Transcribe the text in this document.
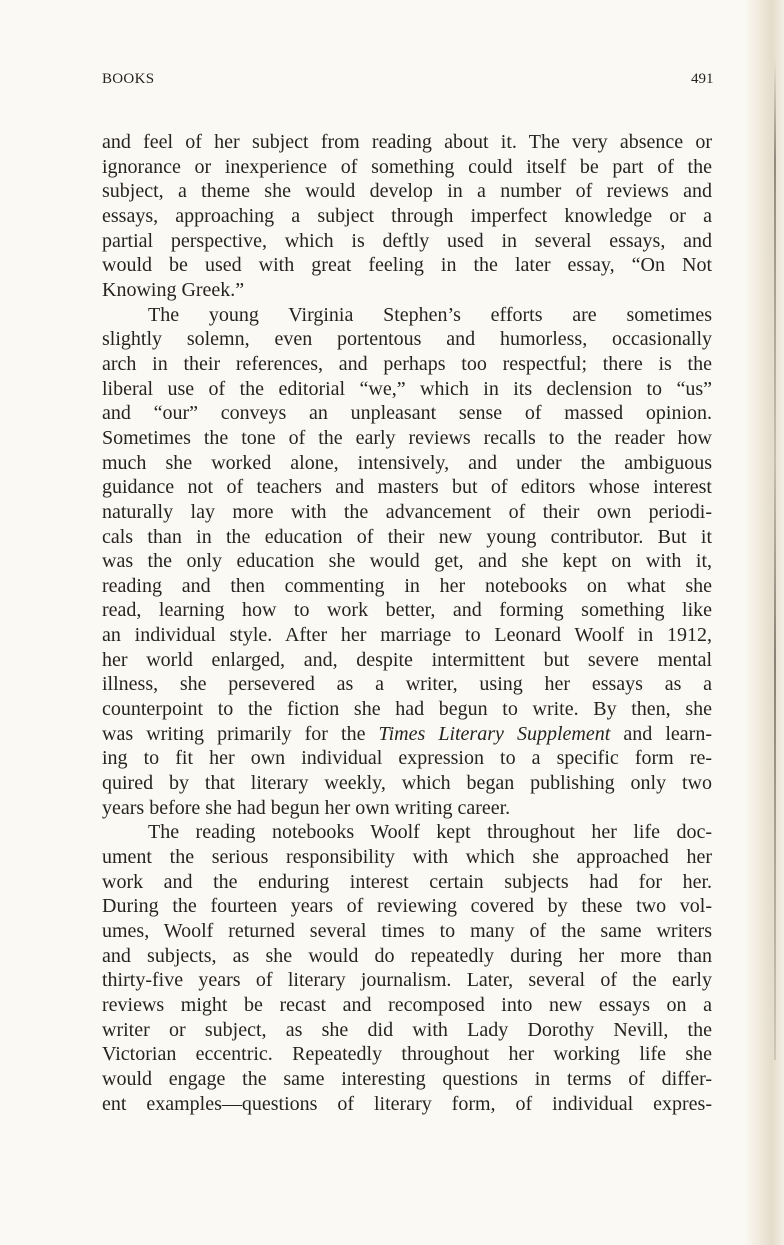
BOOKS	491
and feel of her subject from reading about it. The very absence or
ignorance or inexperience of something could itself be part of the
subject, a theme she would develop in a number of reviews and
essays, approaching a subject through imperfect knowledge or a
partial perspective, which is deftly used in several essays, and
would be used with great feeling in the later essay, “On Not
Knowing Greek.”
The young Virginia Stephen’s efforts are sometimes
slightly solemn, even portentous and humorless, occasionally
arch in their references, and perhaps too respectful; there is the
liberal use of the editorial “we,” which in its declension to “us”
and “our” conveys an unpleasant sense of massed opinion.
Sometimes the tone of the early reviews recalls to the reader how
much she worked alone, intensively, and under the ambiguous
guidance not of teachers and masters but of editors whose interest
naturally lay more with the advancement of their own periodi-
cals than in the education of their new young contributor. But it
was the only education she would get, and she kept on with it,
reading and then commenting in her notebooks on what she
read, learning how to work better, and forming something like
an individual style. After her marriage to Leonard Woolf in 1912,
her world enlarged, and, despite intermittent but severe mental
illness, she persevered as a writer, using her essays as a
counterpoint to the fiction she had begun to write. By then, she
was writing primarily for the Times Literary Supplement and learn-
ing to fit her own individual expression to a specific form re-
quired by that literary weekly, which began publishing only two
years before she had begun her own writing career.
The reading notebooks Woolf kept throughout her life doc-
ument the serious responsibility with which she approached her
work and the enduring interest certain subjects had for her.
During the fourteen years of reviewing covered by these two vol-
umes, Woolf returned several times to many of the same writers
and subjects, as she would do repeatedly during her more than
thirty-five years of literary journalism. Later, several of the early
reviews might be recast and recomposed into new essays on a
writer or subject, as she did with Lady Dorothy Nevill, the
Victorian eccentric. Repeatedly throughout her working life she
would engage the same interesting questions in terms of differ-
ent examples—questions of literary form, of individual expres-
